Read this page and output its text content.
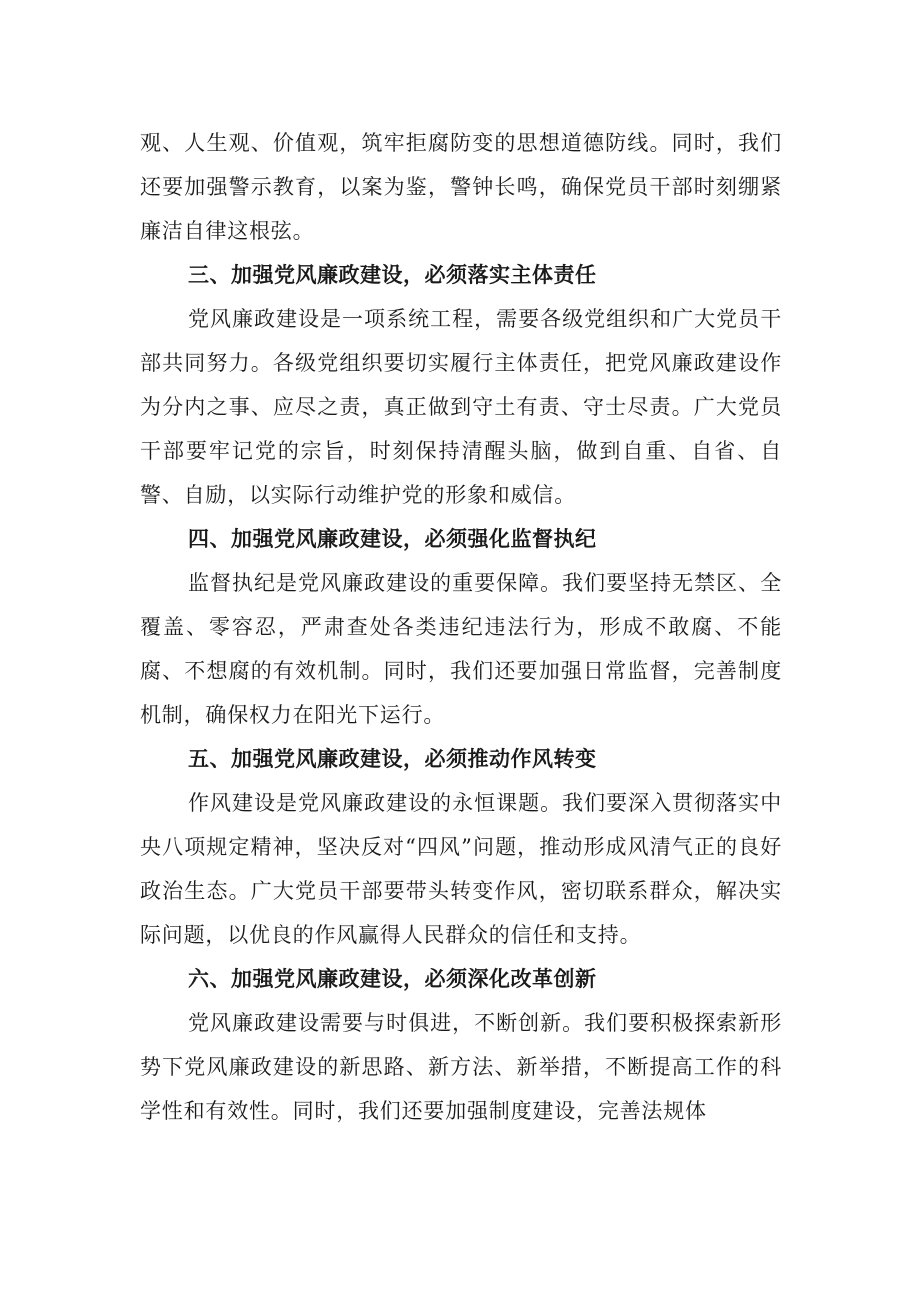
观、人生观、价值观，筑牢拒腐防变的思想道德防线。同时，我们还要加强警示教育，以案为鉴，警钟长鸣，确保党员干部时刻绷紧廉洁自律这根弦。

三、加强党风廉政建设，必须落实主体责任

党风廉政建设是一项系统工程，需要各级党组织和广大党员干部共同努力。各级党组织要切实履行主体责任，把党风廉政建设作为分内之事、应尽之责，真正做到守土有责、守士尽责。广大党员干部要牢记党的宗旨，时刻保持清醒头脑，做到自重、自省、自警、自励，以实际行动维护党的形象和威信。

四、加强党风廉政建设，必须强化监督执纪

监督执纪是党风廉政建设的重要保障。我们要坚持无禁区、全覆盖、零容忍，严肃查处各类违纪违法行为，形成不敢腐、不能腐、不想腐的有效机制。同时，我们还要加强日常监督，完善制度机制，确保权力在阳光下运行。

五、加强党风廉政建设，必须推动作风转变

作风建设是党风廉政建设的永恒课题。我们要深入贯彻落实中央八项规定精神，坚决反对“四风”问题，推动形成风清气正的良好政治生态。广大党员干部要带头转变作风，密切联系群众，解决实际问题，以优良的作风赢得人民群众的信任和支持。

六、加强党风廉政建设，必须深化改革创新

党风廉政建设需要与时俱进，不断创新。我们要积极探索新形势下党风廉政建设的新思路、新方法、新举措，不断提高工作的科学性和有效性。同时，我们还要加强制度建设，完善法规体
